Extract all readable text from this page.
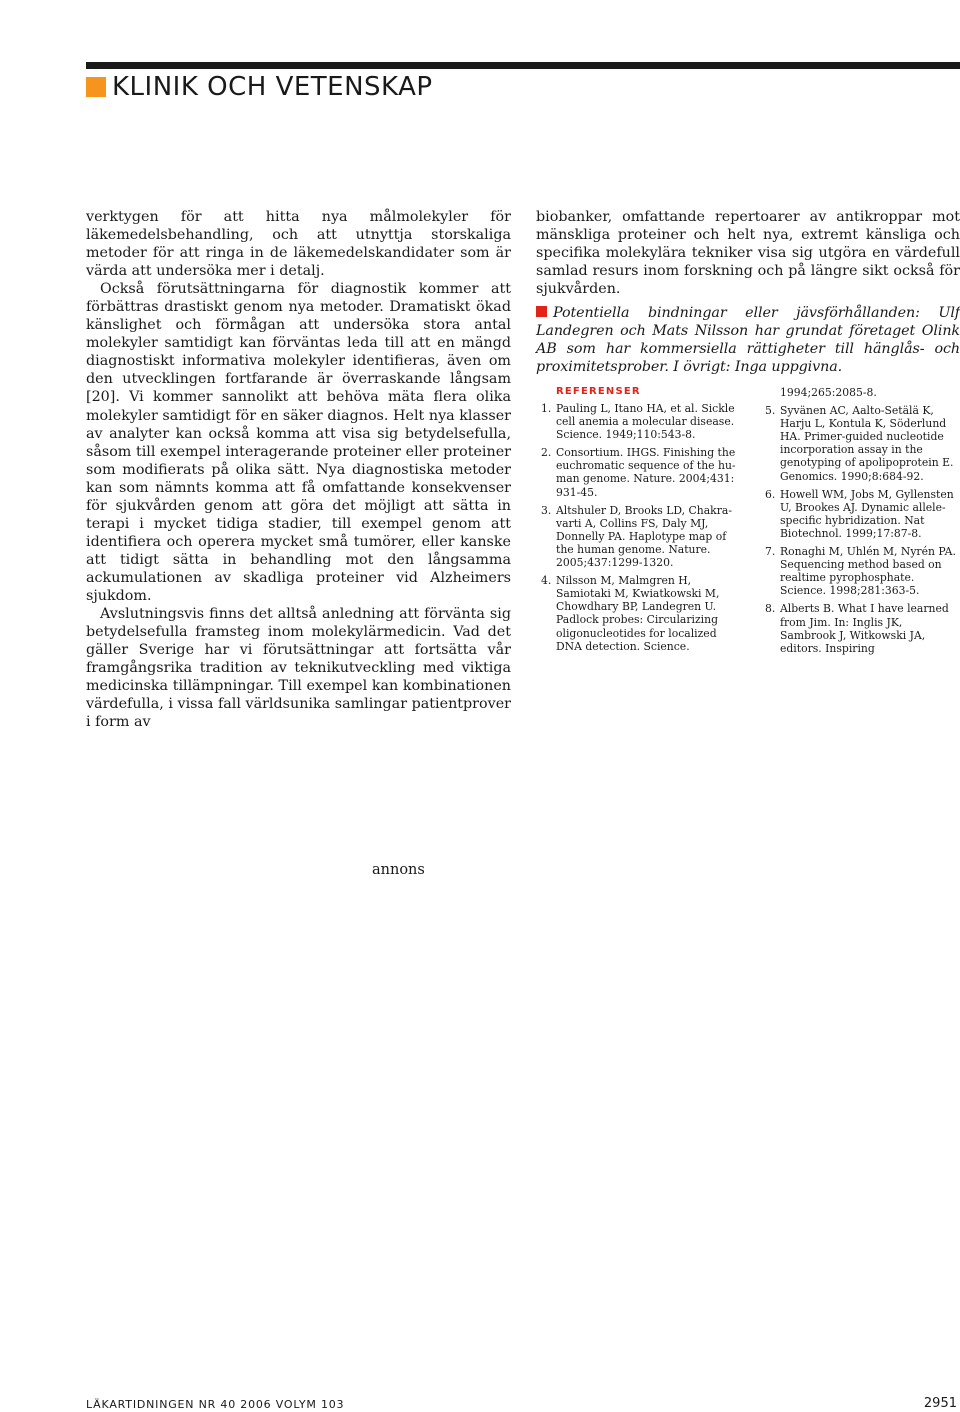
KLINIK OCH VETENSKAP

verktygen för att hitta nya målmolekyler för läkemedelsbehandling, och att utnyttja storskaliga metoder för att ringa in de läkemedelskandidater som är värda att undersöka mer i detalj.

Också förutsättningarna för diagnostik kommer att förbättras drastiskt genom nya metoder. Dramatiskt ökad känslighet och förmågan att undersöka stora antal molekyler samtidigt kan förväntas leda till att en mängd diagnostiskt informativa molekyler identifieras, även om den utvecklingen fortfarande är överraskande långsam [20]. Vi kommer sannolikt att behöva mäta flera olika molekyler samtidigt för en säker diagnos. Helt nya klasser av analyter kan också komma att visa sig betydelsefulla, såsom till exempel interagerande proteiner eller proteiner som modifierats på olika sätt. Nya diagnostiska metoder kan som nämnts komma att få omfattande konsekvenser för sjukvården genom att göra det möjligt att sätta in terapi i mycket tidiga stadier, till exempel genom att identifiera och operera mycket små tumörer, eller kanske att tidigt sätta in behandling mot den långsamma ackumulationen av skadliga proteiner vid Alzheimers sjukdom.

Avslutningsvis finns det alltså anledning att förvänta sig betydelsefulla framsteg inom molekylärmedicin. Vad det gäller Sverige har vi förutsättningar att fortsätta vår framgångsrika tradition av teknikutveckling med viktiga medicinska tillämpningar. Till exempel kan kombinationen värdefulla, i vissa fall världsunika samlingar patientprover i form av

biobanker, omfattande repertoarer av antikroppar mot mänskliga proteiner och helt nya, extremt känsliga och specifika molekylära tekniker visa sig utgöra en värdefull samlad resurs inom forskning och på längre sikt också för sjukvården.

Potentiella bindningar eller jävsförhållanden: Ulf Landegren och Mats Nilsson har grundat företaget Olink AB som har kommersiella rättigheter till hänglås- och proximitetsprober. I övrigt: Inga uppgivna.
REFERENSER
1. Pauling L, Itano HA, et al. Sickle cell anemia a molecular disease. Science. 1949;110:543-8.
2. Consortium. IHGS. Finishing the euchromatic sequence of the human genome. Nature. 2004;431: 931-45.
3. Altshuler D, Brooks LD, Chakravarti A, Collins FS, Daly MJ, Donnelly PA. Haplotype map of the human genome. Nature. 2005;437:1299-1320.
4. Nilsson M, Malmgren H, Samiotaki M, Kwiatkowski M, Chowdhary BP, Landegren U. Padlock probes: Circularizing oligonucleotides for localized DNA detection. Science.
1994;265:2085-8.
5. Syvänen AC, Aalto-Setälä K, Harju L, Kontula K, Söderlund HA. Primer-guided nucleotide incorporation assay in the genotyping of apolipoprotein E. Genomics. 1990;8:684-92.
6. Howell WM, Jobs M, Gyllensten U, Brookes AJ. Dynamic allele-specific hybridization. Nat Biotechnol. 1999;17:87-8.
7. Ronaghi M, Uhlén M, Nyrén PA. Sequencing method based on realtime pyrophosphate. Science. 1998;281:363-5.
8. Alberts B. What I have learned from Jim. In: Inglis JK, Sambrook J, Witkowski JA, editors. Inspiring
annons
LÄKARTIDNINGEN NR 40 2006 VOLYM 103	2951
